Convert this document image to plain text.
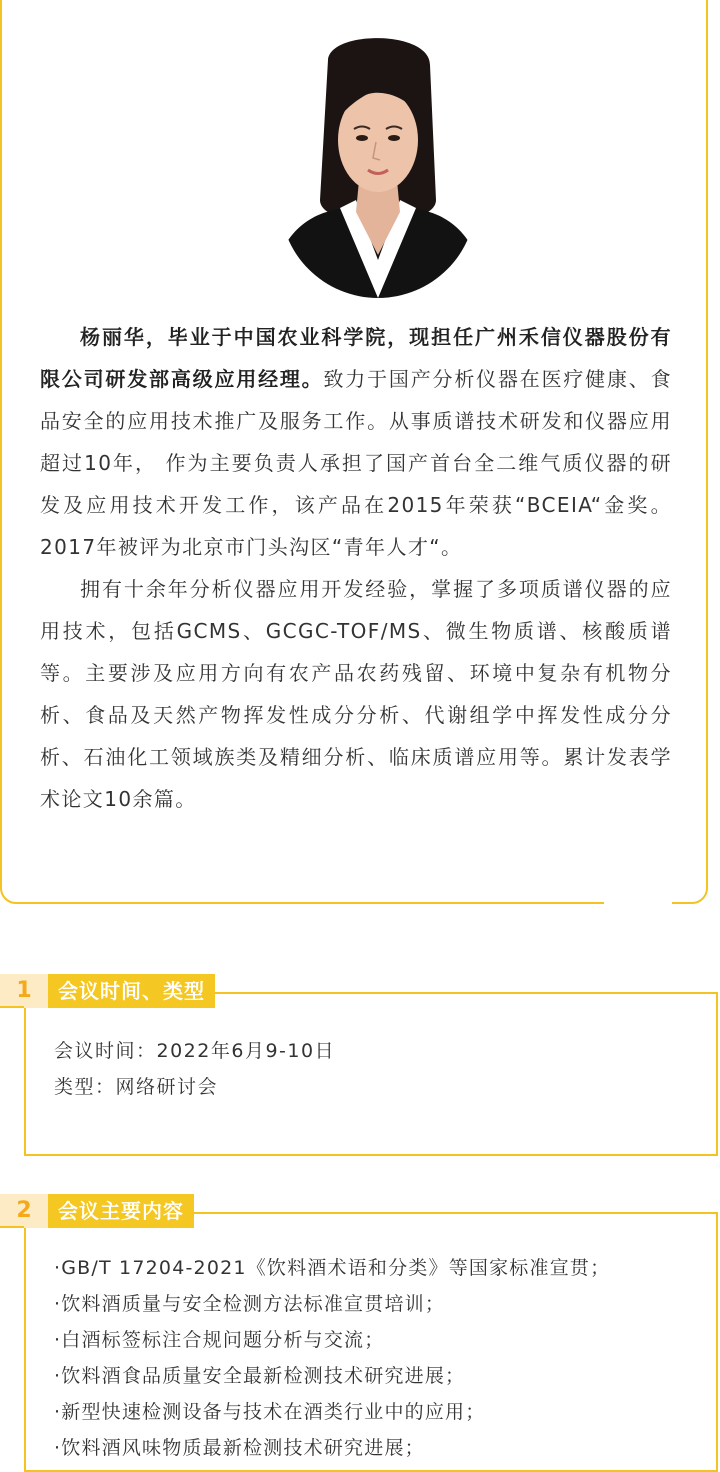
杨丽华，毕业于中国农业科学院，现担任广州禾信仪器股份有限公司研发部高级应用经理。致力于国产分析仪器在医疗健康、食品安全的应用技术推广及服务工作。从事质谱技术研发和仪器应用超过10年， 作为主要负责人承担了国产首台全二维气质仪器的研发及应用技术开发工作，该产品在2015年荣获“BCEIA“金奖。2017年被评为北京市门头沟区“青年人才“。

拥有十余年分析仪器应用开发经验，掌握了多项质谱仪器的应用技术，包括GCMS、GCGC-TOF/MS、微生物质谱、核酸质谱等。主要涉及应用方向有农产品农药残留、环境中复杂有机物分析、食品及天然产物挥发性成分分析、代谢组学中挥发性成分分析、石油化工领域族类及精细分析、临床质谱应用等。累计发表学术论文10余篇。

1	会议时间、类型
会议时间：2022年6月9-10日
类型：网络研讨会
2	会议主要内容
·GB/T 17204-2021《饮料酒术语和分类》等国家标准宣贯；
·饮料酒质量与安全检测方法标准宣贯培训；
·白酒标签标注合规问题分析与交流；
·饮料酒食品质量安全最新检测技术研究进展；
·新型快速检测设备与技术在酒类行业中的应用；
·饮料酒风味物质最新检测技术研究进展；
